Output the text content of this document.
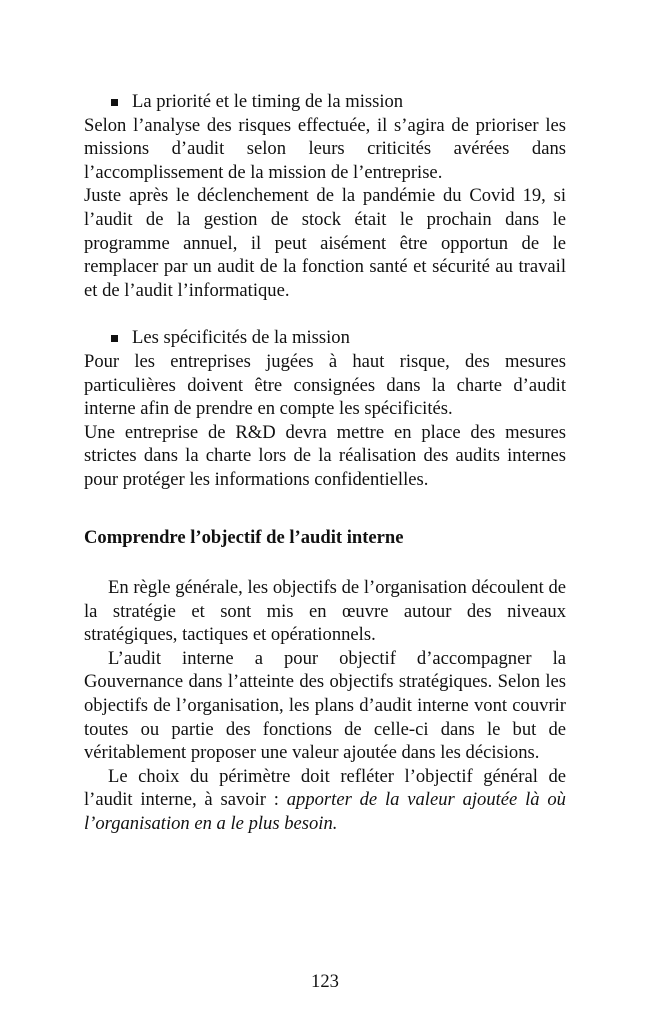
La priorité et le timing de la mission

Selon l’analyse des risques effectuée, il s’agira de prioriser les missions d’audit selon leurs criticités avérées dans l’accomplissement de la mission de l’entreprise.

Juste après le déclenchement de la pandémie du Covid 19, si l’audit de la gestion de stock était le prochain dans le programme annuel, il peut aisément être opportun de le remplacer par un audit de la fonction santé et sécurité au travail et de l’audit l’informatique.

Les spécificités de la mission

Pour les entreprises jugées à haut risque, des mesures particulières doivent être consignées dans la charte d’audit interne afin de prendre en compte les spécificités.

Une entreprise de R&D devra mettre en place des mesures strictes dans la charte lors de la réalisation des audits internes pour protéger les informations confidentielles.

Comprendre l’objectif de l’audit interne

En règle générale, les objectifs de l’organisation découlent de la stratégie et sont mis en œuvre autour des niveaux stratégiques, tactiques et opérationnels.

L’audit interne a pour objectif d’accompagner la Gouvernance dans l’atteinte des objectifs stratégiques. Selon les objectifs de l’organisation, les plans d’audit interne vont couvrir toutes ou partie des fonctions de celle-ci dans le but de véritablement proposer une valeur ajoutée dans les décisions.

Le choix du périmètre doit refléter l’objectif général de l’audit interne, à savoir : apporter de la valeur ajoutée là où l’organisation en a le plus besoin.

123
